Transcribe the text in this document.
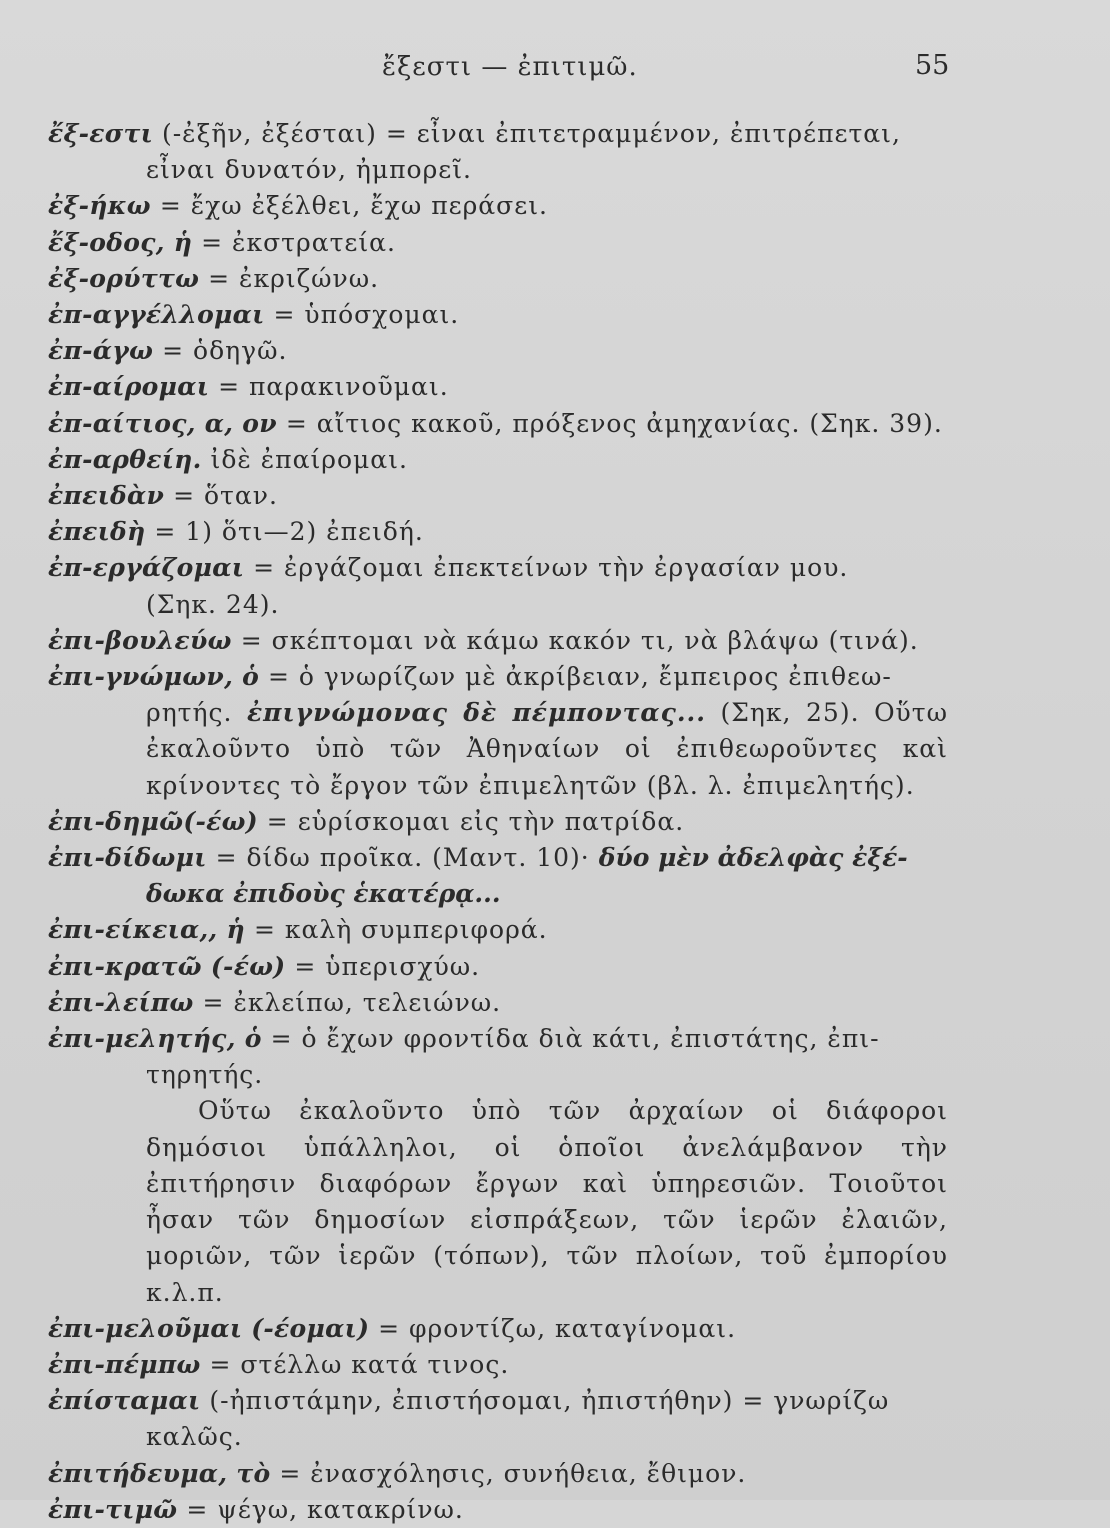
ἔξεστι — ἐπιτιμῶ.	55
ἔξ-εστι (-ἐξῆν, ἐξέσται) = εἶναι ἐπιτετραμμένον, ἐπιτρέπεται,
εἶναι δυνατόν, ἠμπορεῖ.
ἐξ-ήκω = ἔχω ἐξέλθει, ἔχω περάσει.
ἔξ-οδος, ἡ = ἐκστρατεία.
ἐξ-ορύττω = ἐκριζώνω.
ἐπ-αγγέλλομαι = ὑπόσχομαι.
ἐπ-άγω = ὁδηγῶ.
ἐπ-αίρομαι = παρακινοῦμαι.
ἐπ-αίτιος, α, ον = αἴτιος κακοῦ, πρόξενος ἀμηχανίας. (Σηκ. 39).
ἐπ-αρθείη. ἰδὲ ἐπαίρομαι.
ἐπειδὰν = ὅταν.
ἐπειδὴ = 1) ὅτι—2) ἐπειδή.
ἐπ-εργάζομαι = ἐργάζομαι ἐπεκτείνων τὴν ἐργασίαν μου.
(Σηκ. 24).
ἐπι-βουλεύω = σκέπτομαι νὰ κάμω κακόν τι, νὰ βλάψω (τινά).
ἐπι-γνώμων, ὁ = ὁ γνωρίζων μὲ ἀκρίβειαν, ἔμπειρος ἐπιθεω-
ρητής. ἐπιγνώμονας δὲ πέμποντας... (Σηκ, 25). Οὕτω ἐκαλοῦντο ὑπὸ τῶν Ἀθηναίων οἱ ἐπιθεωροῦντες καὶ κρίνοντες τὸ ἔργον τῶν ἐπιμελητῶν (βλ. λ. ἐπιμελητής).
ἐπι-δημῶ(-έω) = εὑρίσκομαι εἰς τὴν πατρίδα.
ἐπι-δίδωμι = δίδω προῖκα. (Μαντ. 10)· δύο μὲν ἀδελφὰς ἐξέ-
δωκα ἐπιδοὺς ἑκατέρᾳ...
ἐπι-είκεια,, ἡ = καλὴ συμπεριφορά.
ἐπι-κρατῶ (-έω) = ὑπερισχύω.
ἐπι-λείπω = ἐκλείπω, τελειώνω.
ἐπι-μελητής, ὁ = ὁ ἔχων φροντίδα διὰ κάτι, ἐπιστάτης, ἐπι-
τηρητής.
Οὕτω ἐκαλοῦντο ὑπὸ τῶν ἀρχαίων οἱ διάφοροι δημόσιοι ὑπάλληλοι, οἱ ὁποῖοι ἀνελάμβανον τὴν ἐπιτήρησιν διαφόρων ἔργων καὶ ὑπηρεσιῶν. Τοιοῦτοι ἦσαν τῶν δημοσίων εἰσπράξεων, τῶν ἱερῶν ἐλαιῶν, μοριῶν, τῶν ἱερῶν (τόπων), τῶν πλοίων, τοῦ ἐμπορίου κ.λ.π.
ἐπι-μελοῦμαι (-έομαι) = φροντίζω, καταγίνομαι.
ἐπι-πέμπω = στέλλω κατά τινος.
ἐπίσταμαι (-ἠπιστάμην, ἐπιστήσομαι, ἠπιστήθην) = γνωρίζω
καλῶς.
ἐπιτήδευμα, τὸ = ἐνασχόλησις, συνήθεια, ἔθιμον.
ἐπι-τιμῶ = ψέγω, κατακρίνω.
